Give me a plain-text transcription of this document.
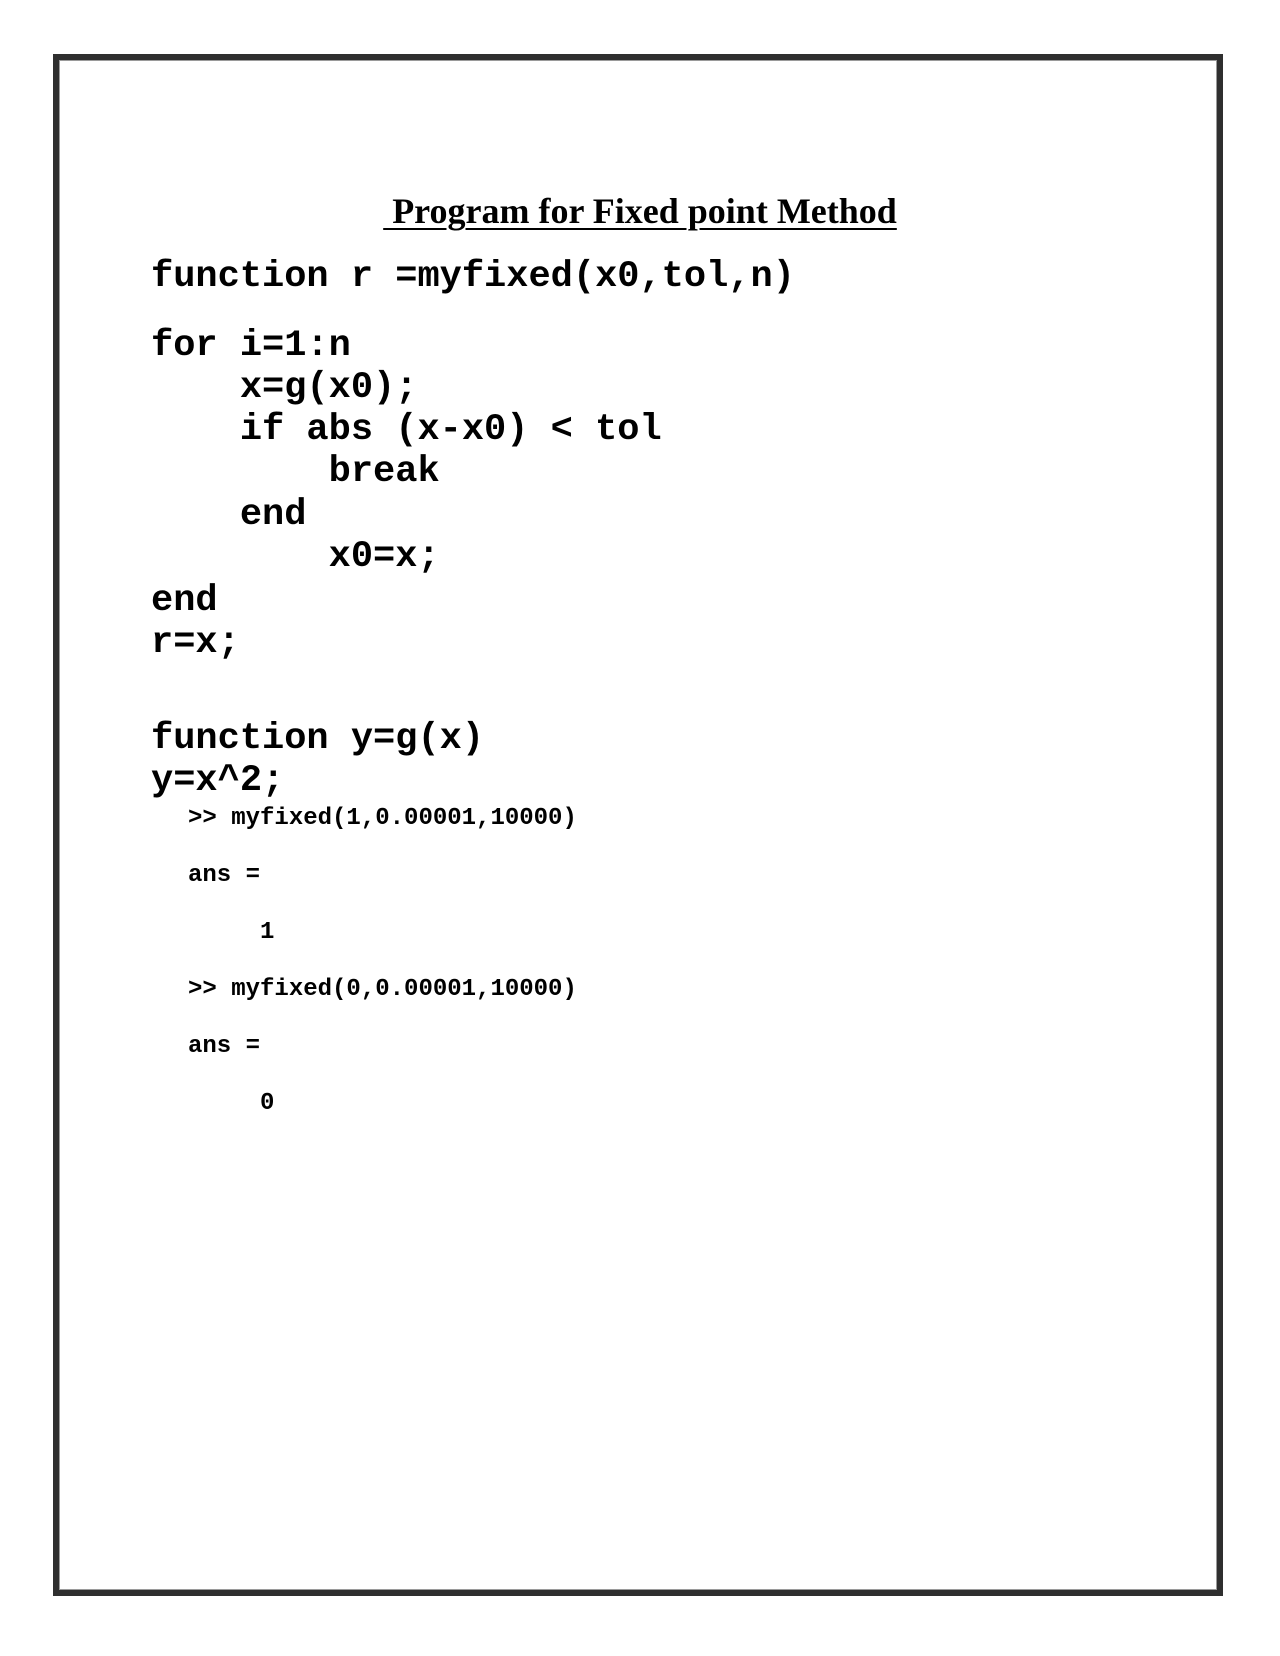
Program for Fixed point Method
function r =myfixed(x0,tol,n)
for i=1:n
x=g(x0);
if abs (x-x0) < tol
break
end
x0=x;
end
r=x;
function y=g(x)
y=x^2;
>> myfixed(1,0.00001,10000)
ans =
1
>> myfixed(0,0.00001,10000)
ans =
0
